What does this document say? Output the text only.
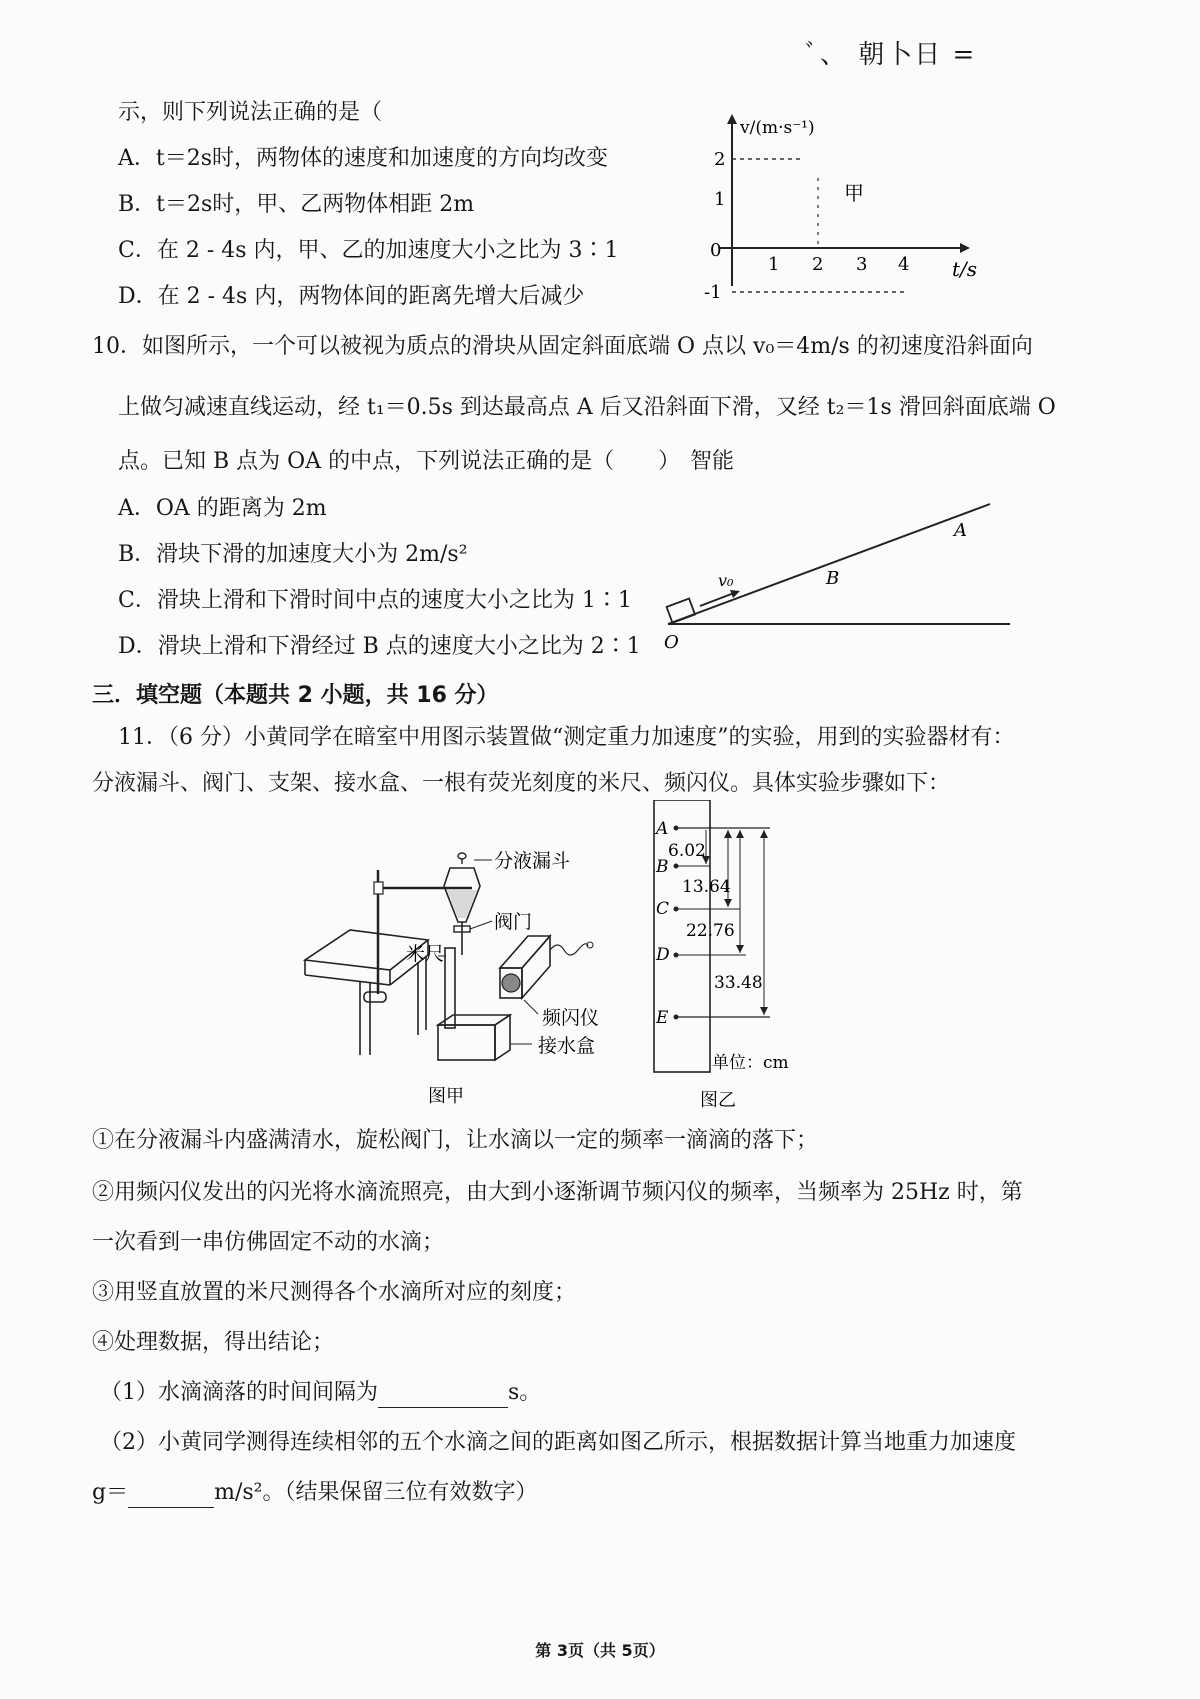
ﾞ、 朝卜日 =
示，则下列说法正确的是（
A．t＝2s时，两物体的速度和加速度的方向均改变
B．t＝2s时，甲、乙两物体相距 2m
C．在 2 - 4s 内，甲、乙的加速度大小之比为 3∶1
D．在 2 - 4s 内，两物体间的距离先增大后减少
v/(m·s⁻¹)
甲
2
1
0
-1
1 2 3 4 t/s
10．如图所示，一个可以被视为质点的滑块从固定斜面底端 O 点以 v₀＝4m/s 的初速度沿斜面向
上做匀减速直线运动，经 t₁＝0.5s 到达最高点 A 后又沿斜面下滑，又经 t₂＝1s 滑回斜面底端 O
点。已知 B 点为 OA 的中点，下列说法正确的是（　　） 智能
A．OA 的距离为 2m
B．滑块下滑的加速度大小为 2m/s²
C．滑块上滑和下滑时间中点的速度大小之比为 1∶1
D．滑块上滑和下滑经过 B 点的速度大小之比为 2∶1
v₀
O
B
A
三．填空题（本题共 2 小题，共 16 分）
11．（6 分）小黄同学在暗室中用图示装置做“测定重力加速度”的实验，用到的实验器材有：
分液漏斗、阀门、支架、接水盒、一根有荧光刻度的米尺、频闪仪。具体实验步骤如下：
分液漏斗
阀门
米尺
频闪仪
接水盒
图甲
A
B
C
D
E
6.02
13.64
22.76
33.48
单位：cm
图乙
①在分液漏斗内盛满清水，旋松阀门，让水滴以一定的频率一滴滴的落下；
②用频闪仪发出的闪光将水滴流照亮，由大到小逐渐调节频闪仪的频率，当频率为 25Hz 时，第
一次看到一串仿佛固定不动的水滴；
③用竖直放置的米尺测得各个水滴所对应的刻度；
④处理数据，得出结论；
（1）水滴滴落的时间间隔为	s。
（2）小黄同学测得连续相邻的五个水滴之间的距离如图乙所示，根据数据计算当地重力加速度
g＝	m/s²。（结果保留三位有效数字）
第 3页（共 5页）
